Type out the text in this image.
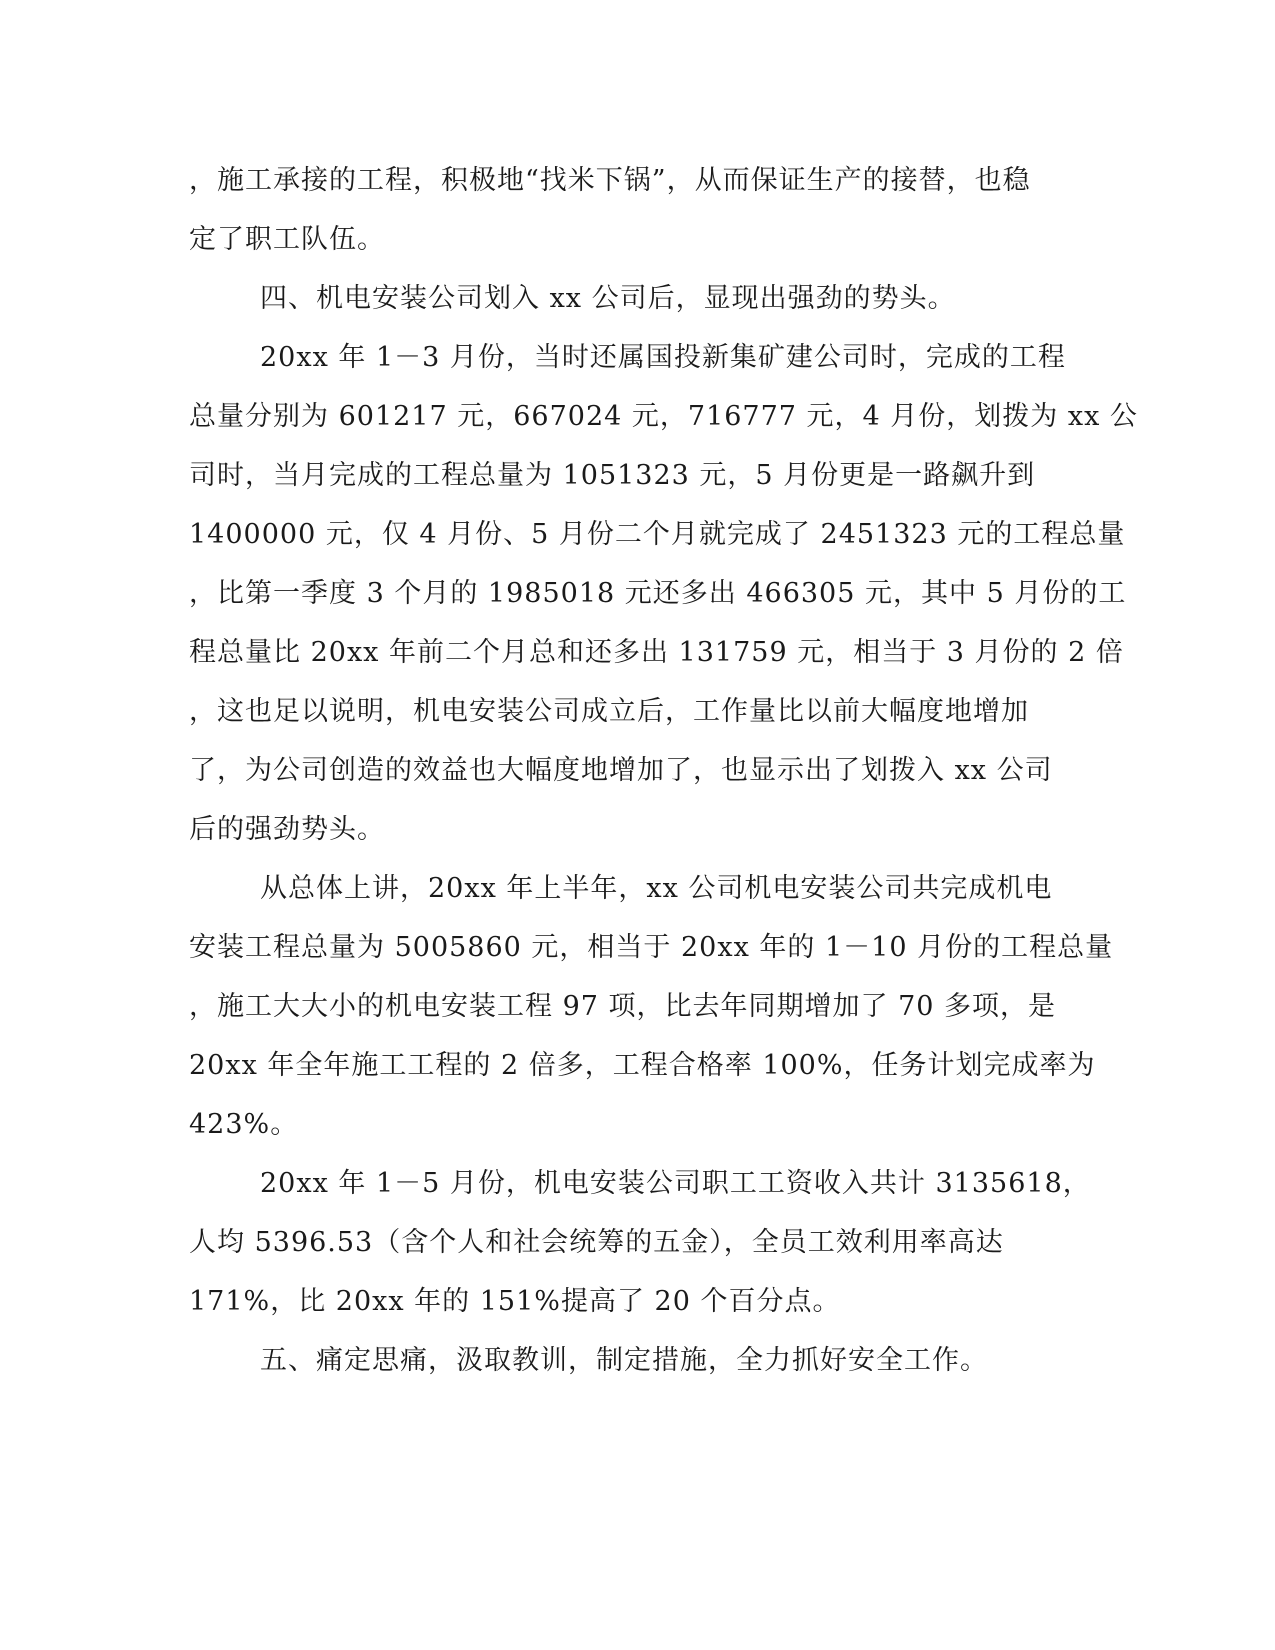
，施工承接的工程，积极地“找米下锅”，从而保证生产的接替，也稳
定了职工队伍。
四、机电安装公司划入 xx 公司后，显现出强劲的势头。
20xx 年 1－3 月份，当时还属国投新集矿建公司时，完成的工程
总量分别为 601217 元，667024 元，716777 元，4 月份，划拨为 xx 公
司时，当月完成的工程总量为 1051323 元，5 月份更是一路飙升到
1400000 元，仅 4 月份、5 月份二个月就完成了 2451323 元的工程总量
，比第一季度 3 个月的 1985018 元还多出 466305 元，其中 5 月份的工
程总量比 20xx 年前二个月总和还多出 131759 元，相当于 3 月份的 2 倍
，这也足以说明，机电安装公司成立后，工作量比以前大幅度地增加
了，为公司创造的效益也大幅度地增加了，也显示出了划拨入 xx 公司
后的强劲势头。
从总体上讲，20xx 年上半年，xx 公司机电安装公司共完成机电
安装工程总量为 5005860 元，相当于 20xx 年的 1－10 月份的工程总量
，施工大大小的机电安装工程 97 项，比去年同期增加了 70 多项，是
20xx 年全年施工工程的 2 倍多，工程合格率 100%，任务计划完成率为
423%。
20xx 年 1－5 月份，机电安装公司职工工资收入共计 3135618，
人均 5396.53（含个人和社会统筹的五金），全员工效利用率高达
171%，比 20xx 年的 151%提高了 20 个百分点。
五、痛定思痛，汲取教训，制定措施，全力抓好安全工作。
